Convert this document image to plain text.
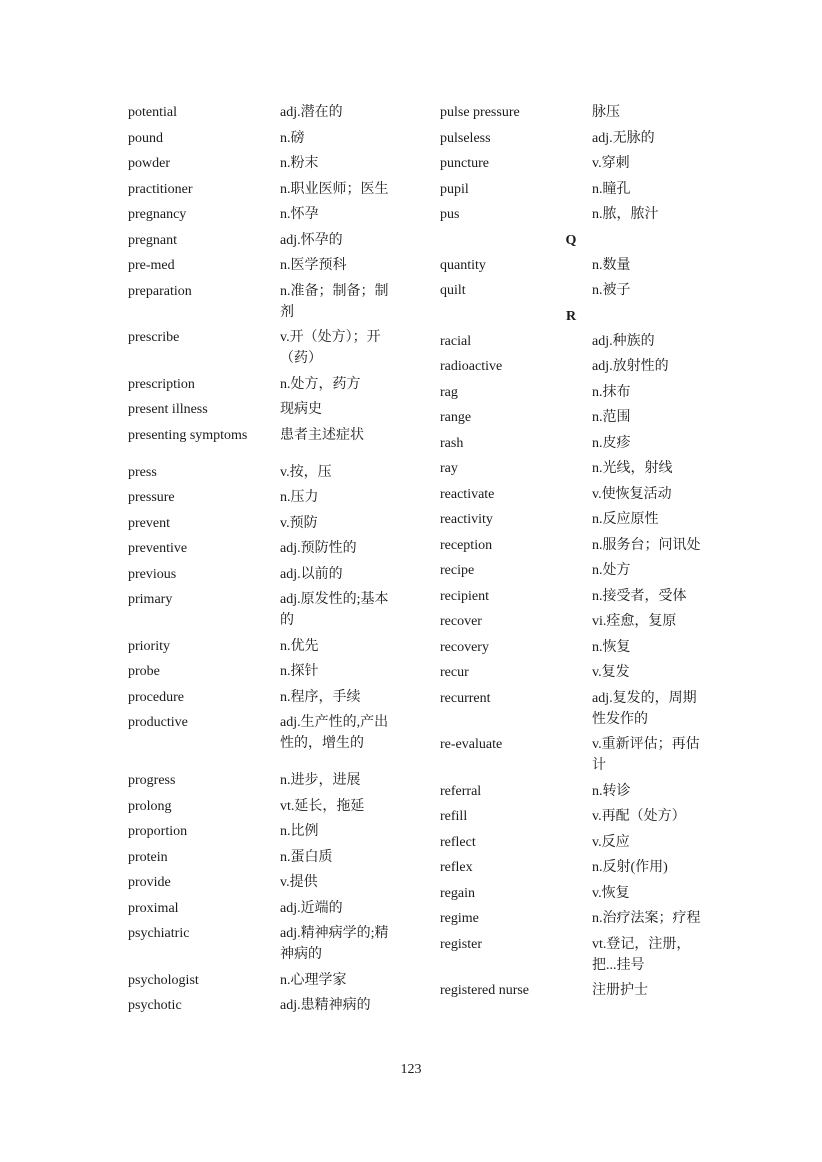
potential	adj.潜在的
pound	n.磅
powder	n.粉末
practitioner	n.职业医师；医生
pregnancy	n.怀孕
pregnant	adj.怀孕的
pre-med	n.医学预科
preparation	n.准备；制备；制剂
prescribe	v.开（处方）；开（药）
prescription	n.处方，药方
present illness	现病史
presenting symptoms	患者主述症状
press	v.按，压
pressure	n.压力
prevent	v.预防
preventive	adj.预防性的
previous	adj.以前的
primary	adj.原发性的;基本的
priority	n.优先
probe	n.探针
procedure	n.程序，手续
productive	adj.生产性的,产出性的，增生的
progress	n.进步，进展
prolong	vt.延长，拖延
proportion	n.比例
protein	n.蛋白质
provide	v.提供
proximal	adj.近端的
psychiatric	adj.精神病学的;精神病的
psychologist	n.心理学家
psychotic	adj.患精神病的
pulse pressure	脉压
pulseless	adj.无脉的
puncture	v.穿刺
pupil	n.瞳孔
pus	n.脓，脓汁
Q
quantity	n.数量
quilt	n.被子
R
racial	adj.种族的
radioactive	adj.放射性的
rag	n.抹布
range	n.范围
rash	n.皮疹
ray	n.光线，射线
reactivate	v.使恢复活动
reactivity	n.反应原性
reception	n.服务台；问讯处
recipe	n.处方
recipient	n.接受者，受体
recover	vi.痊愈，复原
recovery	n.恢复
recur	v.复发
recurrent	adj.复发的，周期性发作的
re-evaluate	v.重新评估；再估计
referral	n.转诊
refill	v.再配（处方）
reflect	v.反应
reflex	n.反射(作用)
regain	v.恢复
regime	n.治疗法案；疗程
register	vt.登记，注册，把...挂号
registered nurse	注册护士
123
